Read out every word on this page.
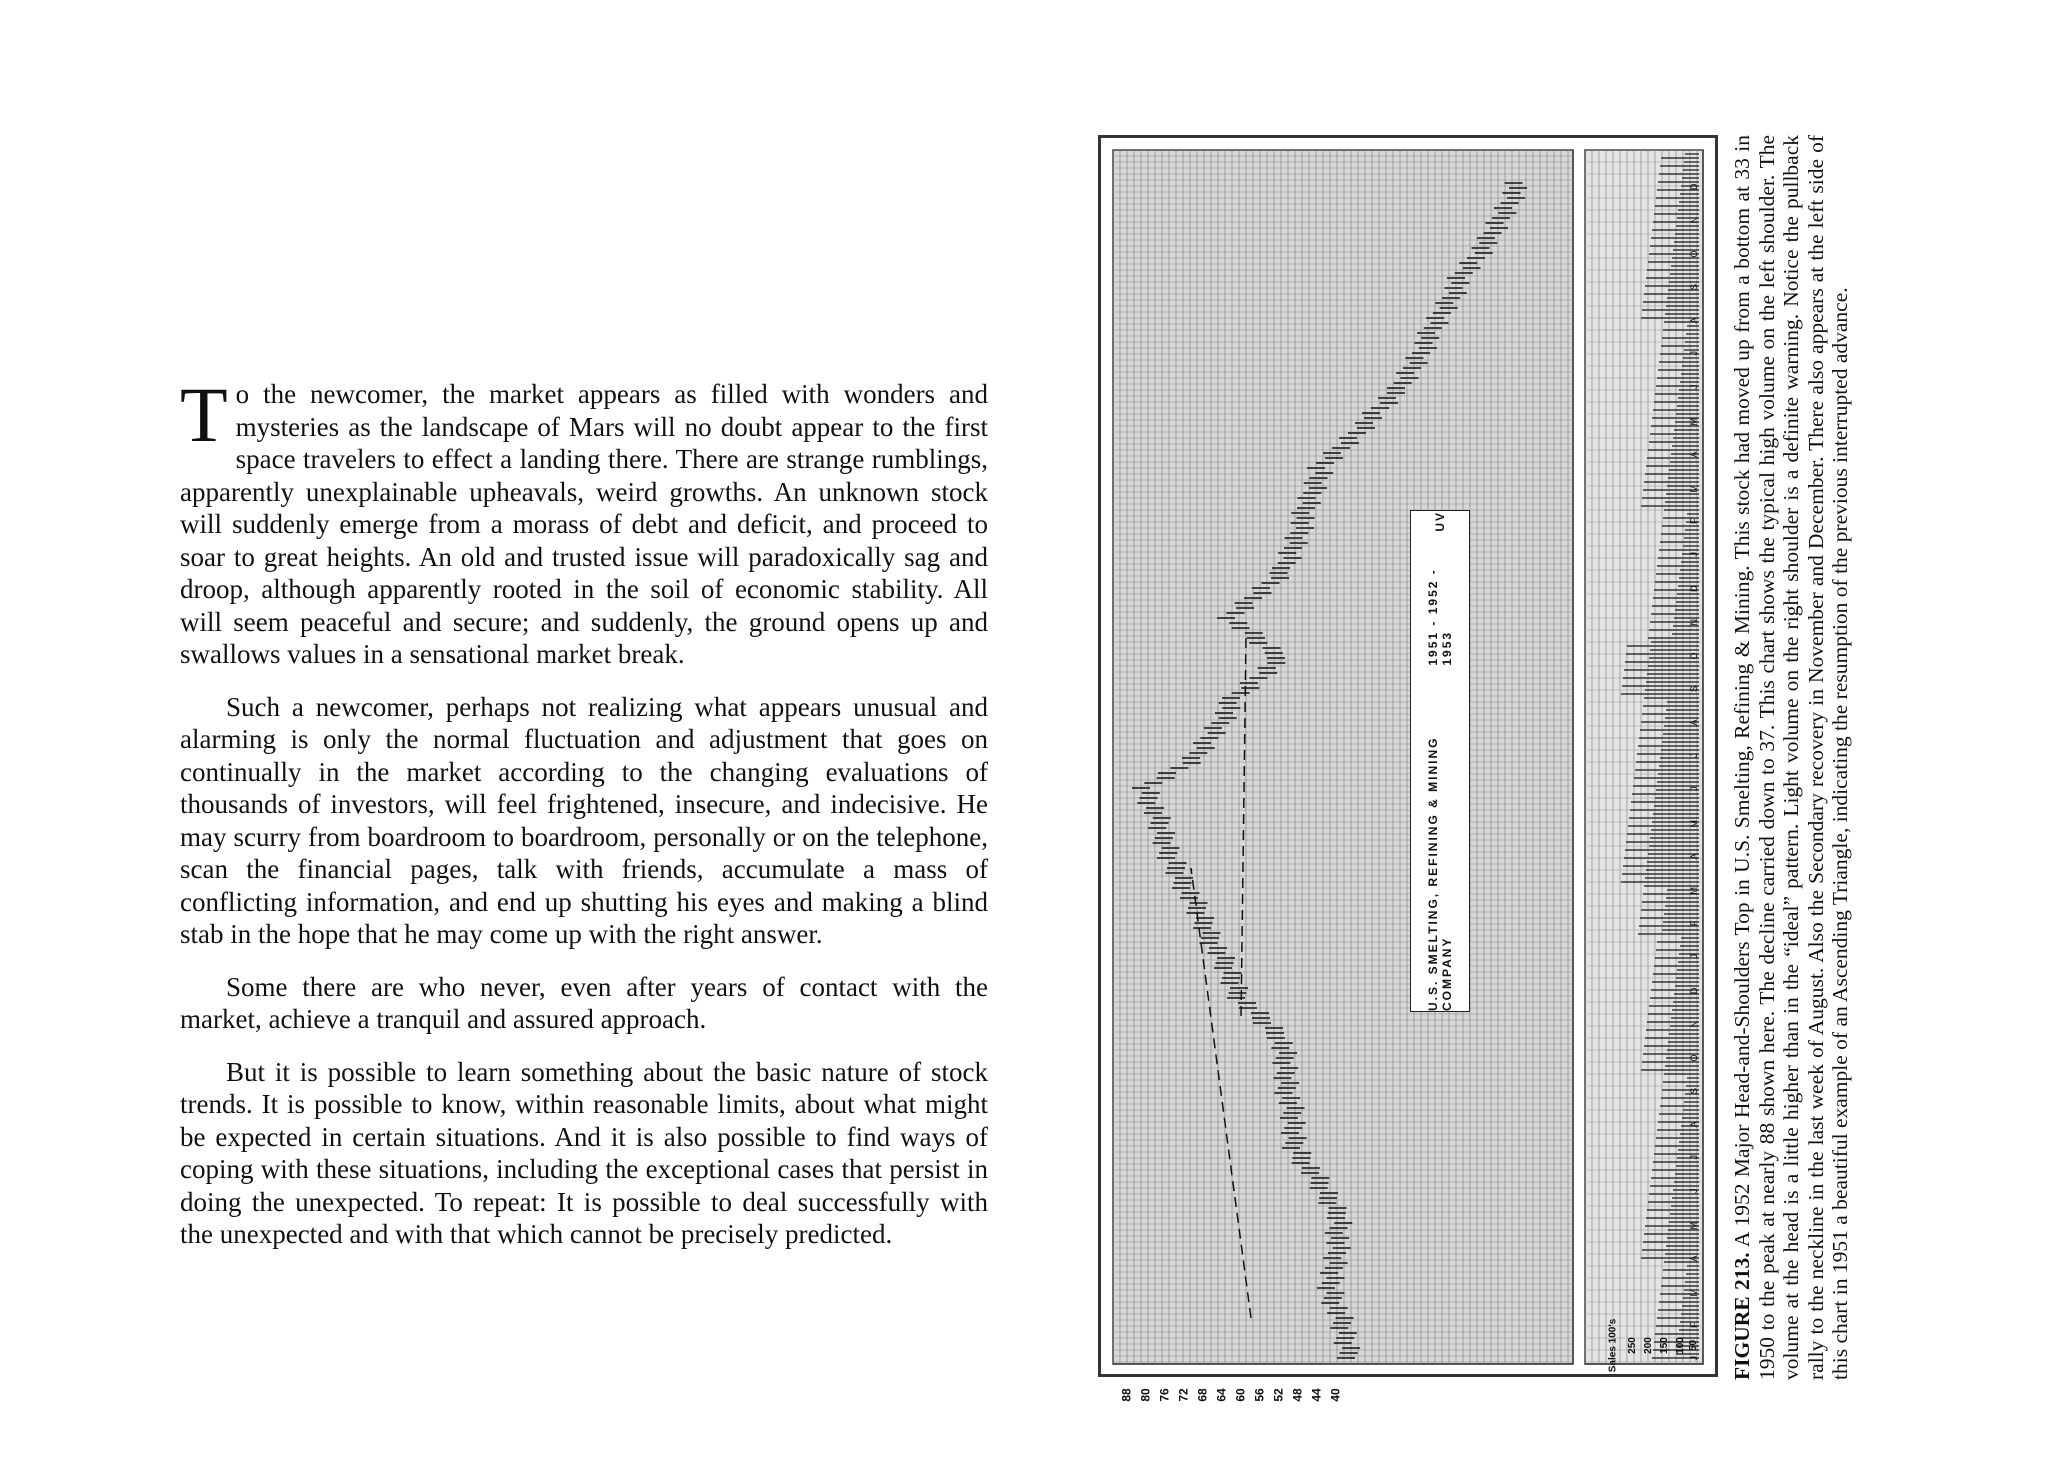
To the newcomer, the market appears as filled with wonders and mysteries as the landscape of Mars will no doubt appear to the first space travelers to effect a landing there. There are strange rumblings, apparently unexplainable upheavals, weird growths. An unknown stock will suddenly emerge from a morass of debt and deficit, and proceed to soar to great heights. An old and trusted issue will paradoxically sag and droop, although apparently rooted in the soil of economic stability. All will seem peaceful and secure; and suddenly, the ground opens up and swallows values in a sensational market break.

Such a newcomer, perhaps not realizing what appears unusual and alarming is only the normal fluctuation and adjustment that goes on continually in the market according to the changing evaluations of thousands of investors, will feel frightened, insecure, and indecisive. He may scurry from boardroom to boardroom, personally or on the telephone, scan the financial pages, talk with friends, accumulate a mass of conflicting information, and end up shutting his eyes and making a blind stab in the hope that he may come up with the right answer.

Some there are who never, even after years of contact with the market, achieve a tranquil and assured approach.

But it is possible to learn something about the basic nature of stock trends. It is possible to know, within reasonable limits, about what might be expected in certain situations. And it is also possible to find ways of coping with these situations, including the exceptional cases that persist in doing the unexpected. To repeat: It is possible to deal successfully with the unexpected and with that which cannot be precisely predicted.

J
F
M
A
M
J
J
A
S
O
N
D
J
F
M
A
M
J
J
A
S
O
N
D
J
F
M
A
M
J
J
A
S
O
N
D
U.S. SMELTING, REFINING & MINING COMPANY
1951 - 1952 - 1953
UV
88 80 76 72 68 64 60 56 52 48 44 40
Sales 100's 250 200 150 100 50 FIGURE 213. A 1952 Major Head-and-Shoulders Top in U.S. Smelting, Refining & Mining. This stock had moved up from a bottom at 33 in 1950 to the peak at nearly 88 shown here. The decline carried down to 37. This chart shows the typical high volume on the left shoulder. The volume at the head is a little higher than in the “ideal” pattern. Light volume on the right shoulder is a definite warning. Notice the pullback rally to the neckline in the last week of August. Also the Secondary recovery in November and December. There also appears at the left side of this chart in 1951 a beautiful example of an Ascending Triangle, indicating the resumption of the previous interrupted advance.
